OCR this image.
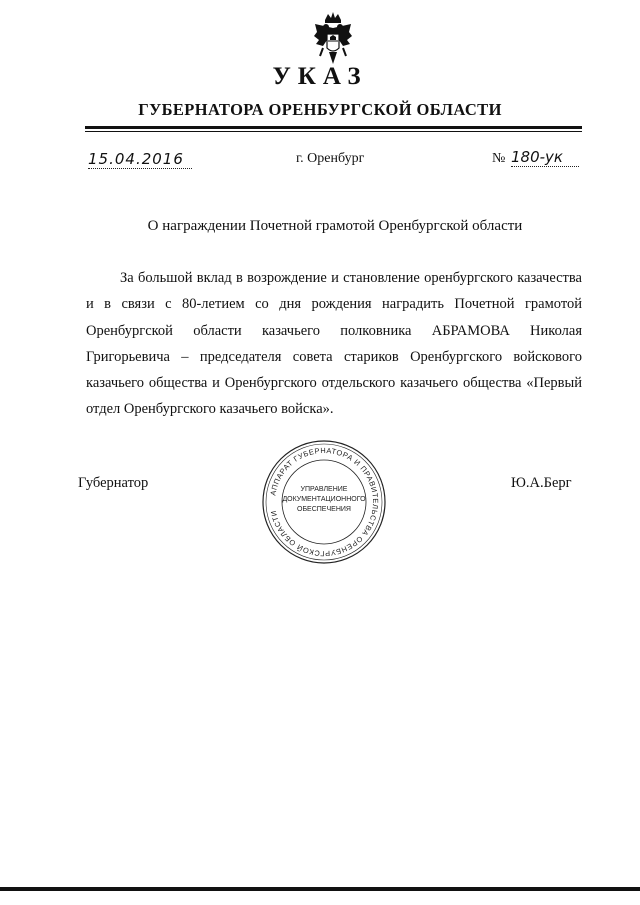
УКАЗ
ГУБЕРНАТОРА ОРЕНБУРГСКОЙ ОБЛАСТИ
15.04.2016	г. Оренбург	№ 180-ук
О награждении Почетной грамотой Оренбургской области
За большой вклад в возрождение и становление оренбургского казачества и в связи с 80-летием со дня рождения наградить Почетной грамотой Оренбургской области казачьего полковника АБРАМОВА Николая Григорьевича – председателя совета стариков Оренбургского войскового казачьего общества и Оренбургского отдельского казачьего общества «Первый отдел Оренбургского казачьего войска».
Губернатор	Ю.А.Берг
АППАРАТ ГУБЕРНАТОРА И ПРАВИТЕЛЬСТВА ОРЕНБУРГСКОЙ ОБЛАСТИ
УПРАВЛЕНИЕ
ДОКУМЕНТАЦИОННОГО
ОБЕСПЕЧЕНИЯ
